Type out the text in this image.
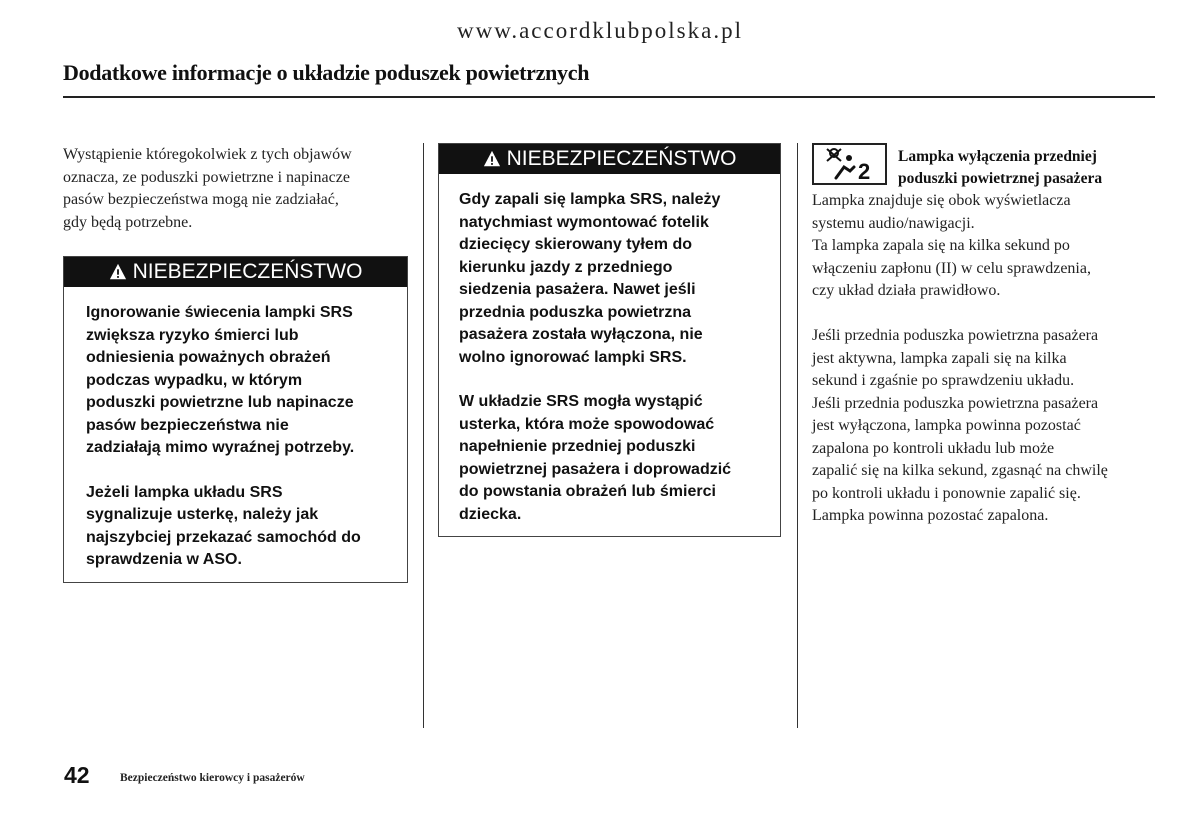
www.accordklubpolska.pl
Dodatkowe informacje o układzie poduszek powietrznych
Wystąpienie któregokolwiek z tych objawów
oznacza, ze poduszki powietrzne i napinacze
pasów bezpieczeństwa mogą nie zadziałać,
gdy będą potrzebne.
NIEBEZPIECZEŃSTWO

Ignorowanie świecenia lampki SRS
zwiększa ryzyko śmierci lub
odniesienia poważnych obrażeń
podczas wypadku, w którym
poduszki powietrzne lub napinacze
pasów bezpieczeństwa nie
zadziałają mimo wyraźnej potrzeby.

Jeżeli lampka układu SRS
sygnalizuje usterkę, należy jak
najszybciej przekazać samochód do
sprawdzenia w ASO.

NIEBEZPIECZEŃSTWO

Gdy zapali się lampka SRS, należy
natychmiast wymontować fotelik
dziecięcy skierowany tyłem do
kierunku jazdy z przedniego
siedzenia pasażera. Nawet jeśli
przednia poduszka powietrzna
pasażera została wyłączona, nie
wolno ignorować lampki SRS.

W układzie SRS mogła wystąpić
usterka, która może spowodować
napełnienie przedniej poduszki
powietrznej pasażera i doprowadzić
do powstania obrażeń lub śmierci
dziecka.

2
Lampka wyłączenia przedniej
poduszki powietrznej pasażera
Lampka znajduje się obok wyświetlacza
systemu audio/nawigacji.
Ta lampka zapala się na kilka sekund po
włączeniu zapłonu (II) w celu sprawdzenia,
czy układ działa prawidłowo.
Jeśli przednia poduszka powietrzna pasażera
jest aktywna, lampka zapali się na kilka
sekund i zgaśnie po sprawdzeniu układu.
Jeśli przednia poduszka powietrzna pasażera
jest wyłączona, lampka powinna pozostać
zapalona po kontroli układu lub może
zapalić się na kilka sekund, zgasnąć na chwilę
po kontroli układu i ponownie zapalić się.
Lampka powinna pozostać zapalona.
42	Bezpieczeństwo kierowcy i pasażerów
